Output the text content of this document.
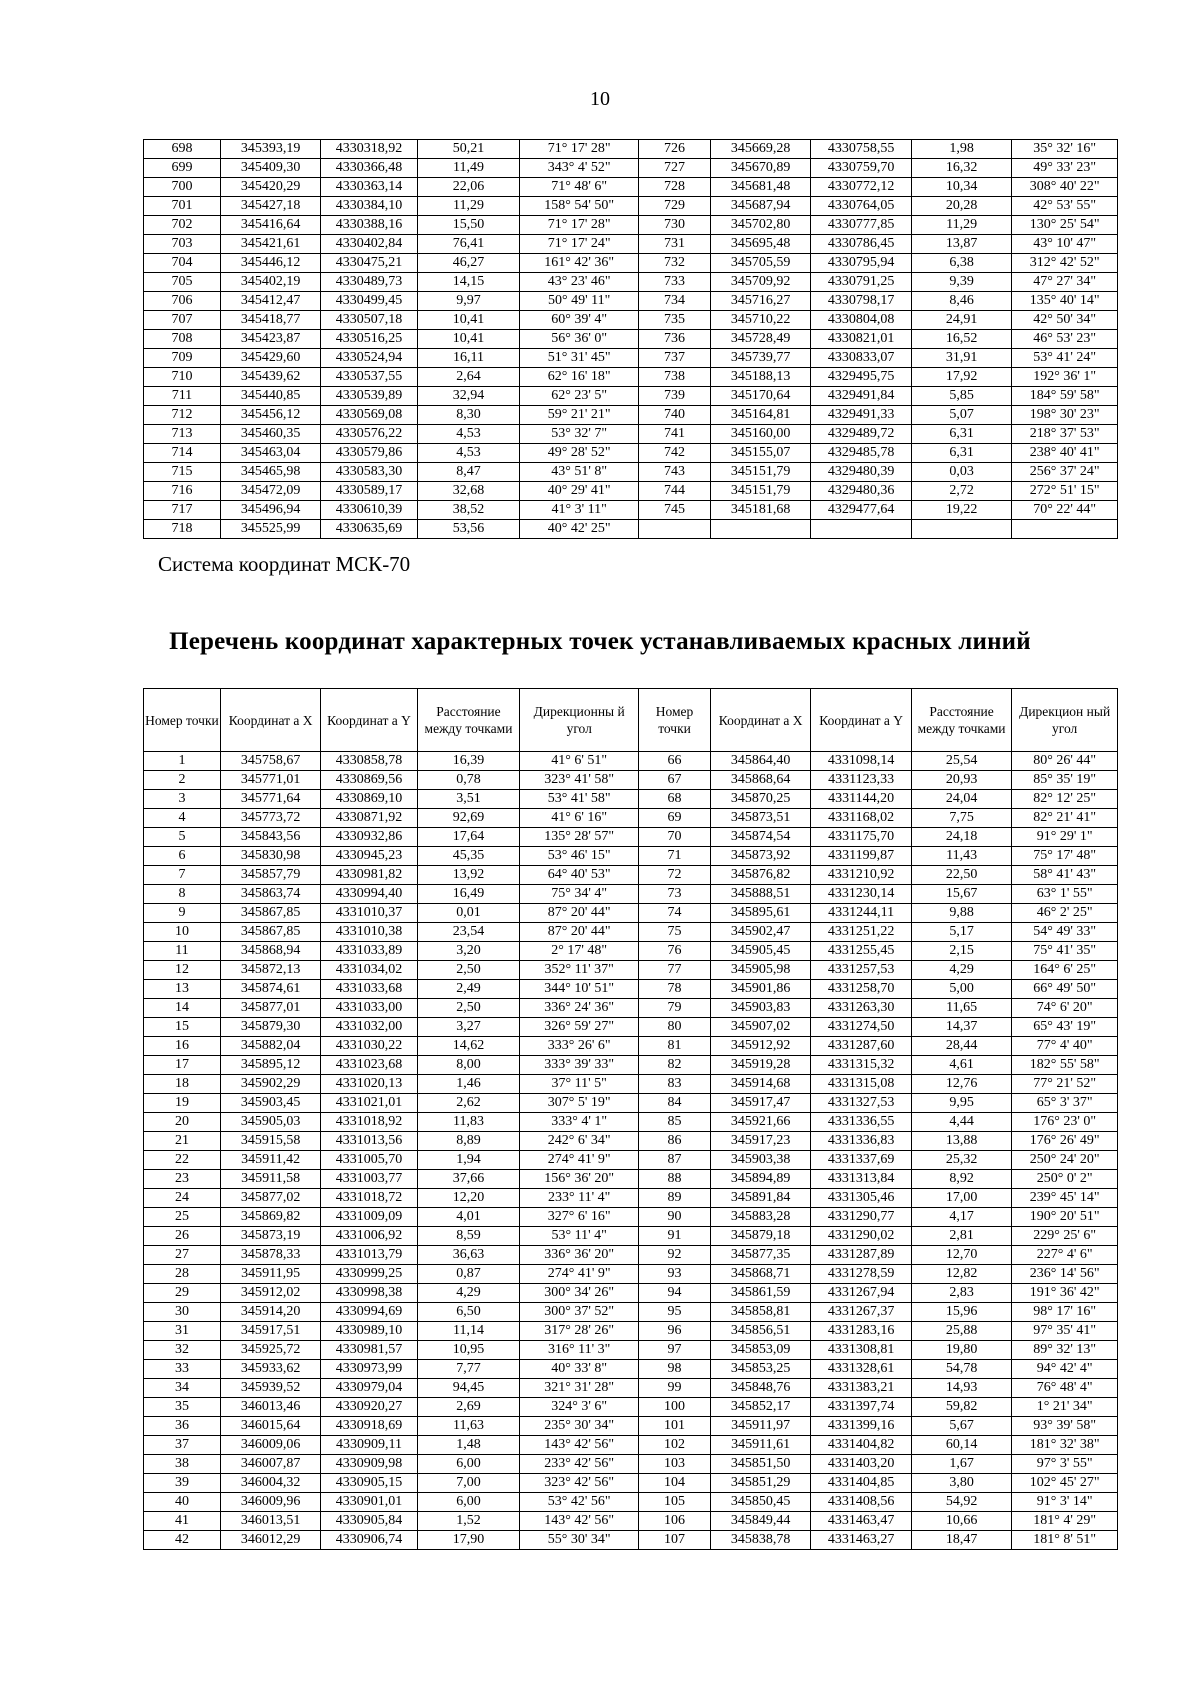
10
698	345393,19	4330318,92	50,21	71° 17' 28"	726	345669,28	4330758,55	1,98	35° 32' 16"
699	345409,30	4330366,48	11,49	343° 4' 52"	727	345670,89	4330759,70	16,32	49° 33' 23"
700	345420,29	4330363,14	22,06	71° 48' 6"	728	345681,48	4330772,12	10,34	308° 40' 22"
701	345427,18	4330384,10	11,29	158° 54' 50"	729	345687,94	4330764,05	20,28	42° 53' 55"
702	345416,64	4330388,16	15,50	71° 17' 28"	730	345702,80	4330777,85	11,29	130° 25' 54"
703	345421,61	4330402,84	76,41	71° 17' 24"	731	345695,48	4330786,45	13,87	43° 10' 47"
704	345446,12	4330475,21	46,27	161° 42' 36"	732	345705,59	4330795,94	6,38	312° 42' 52"
705	345402,19	4330489,73	14,15	43° 23' 46"	733	345709,92	4330791,25	9,39	47° 27' 34"
706	345412,47	4330499,45	9,97	50° 49' 11"	734	345716,27	4330798,17	8,46	135° 40' 14"
707	345418,77	4330507,18	10,41	60° 39' 4"	735	345710,22	4330804,08	24,91	42° 50' 34"
708	345423,87	4330516,25	10,41	56° 36' 0"	736	345728,49	4330821,01	16,52	46° 53' 23"
709	345429,60	4330524,94	16,11	51° 31' 45"	737	345739,77	4330833,07	31,91	53° 41' 24"
710	345439,62	4330537,55	2,64	62° 16' 18"	738	345188,13	4329495,75	17,92	192° 36' 1"
711	345440,85	4330539,89	32,94	62° 23' 5"	739	345170,64	4329491,84	5,85	184° 59' 58"
712	345456,12	4330569,08	8,30	59° 21' 21"	740	345164,81	4329491,33	5,07	198° 30' 23"
713	345460,35	4330576,22	4,53	53° 32' 7"	741	345160,00	4329489,72	6,31	218° 37' 53"
714	345463,04	4330579,86	4,53	49° 28' 52"	742	345155,07	4329485,78	6,31	238° 40' 41"
715	345465,98	4330583,30	8,47	43° 51' 8"	743	345151,79	4329480,39	0,03	256° 37' 24"
716	345472,09	4330589,17	32,68	40° 29' 41"	744	345151,79	4329480,36	2,72	272° 51' 15"
717	345496,94	4330610,39	38,52	41° 3' 11"	745	345181,68	4329477,64	19,22	70° 22' 44"
718	345525,99	4330635,69	53,56	40° 42' 25"					
Система координат МСК-70
Перечень координат характерных точек устанавливаемых красных линий
Номер точки	Координат а X	Координат а Y	Расстояние между точками	Дирекционны й угол	Номер точки	Координат а X	Координат а Y	Расстояние между точками	Дирекцион ный угол
1	345758,67	4330858,78	16,39	41° 6' 51"	66	345864,40	4331098,14	25,54	80° 26' 44"
2	345771,01	4330869,56	0,78	323° 41' 58"	67	345868,64	4331123,33	20,93	85° 35' 19"
3	345771,64	4330869,10	3,51	53° 41' 58"	68	345870,25	4331144,20	24,04	82° 12' 25"
4	345773,72	4330871,92	92,69	41° 6' 16"	69	345873,51	4331168,02	7,75	82° 21' 41"
5	345843,56	4330932,86	17,64	135° 28' 57"	70	345874,54	4331175,70	24,18	91° 29' 1"
6	345830,98	4330945,23	45,35	53° 46' 15"	71	345873,92	4331199,87	11,43	75° 17' 48"
7	345857,79	4330981,82	13,92	64° 40' 53"	72	345876,82	4331210,92	22,50	58° 41' 43"
8	345863,74	4330994,40	16,49	75° 34' 4"	73	345888,51	4331230,14	15,67	63° 1' 55"
9	345867,85	4331010,37	0,01	87° 20' 44"	74	345895,61	4331244,11	9,88	46° 2' 25"
10	345867,85	4331010,38	23,54	87° 20' 44"	75	345902,47	4331251,22	5,17	54° 49' 33"
11	345868,94	4331033,89	3,20	2° 17' 48"	76	345905,45	4331255,45	2,15	75° 41' 35"
12	345872,13	4331034,02	2,50	352° 11' 37"	77	345905,98	4331257,53	4,29	164° 6' 25"
13	345874,61	4331033,68	2,49	344° 10' 51"	78	345901,86	4331258,70	5,00	66° 49' 50"
14	345877,01	4331033,00	2,50	336° 24' 36"	79	345903,83	4331263,30	11,65	74° 6' 20"
15	345879,30	4331032,00	3,27	326° 59' 27"	80	345907,02	4331274,50	14,37	65° 43' 19"
16	345882,04	4331030,22	14,62	333° 26' 6"	81	345912,92	4331287,60	28,44	77° 4' 40"
17	345895,12	4331023,68	8,00	333° 39' 33"	82	345919,28	4331315,32	4,61	182° 55' 58"
18	345902,29	4331020,13	1,46	37° 11' 5"	83	345914,68	4331315,08	12,76	77° 21' 52"
19	345903,45	4331021,01	2,62	307° 5' 19"	84	345917,47	4331327,53	9,95	65° 3' 37"
20	345905,03	4331018,92	11,83	333° 4' 1"	85	345921,66	4331336,55	4,44	176° 23' 0"
21	345915,58	4331013,56	8,89	242° 6' 34"	86	345917,23	4331336,83	13,88	176° 26' 49"
22	345911,42	4331005,70	1,94	274° 41' 9"	87	345903,38	4331337,69	25,32	250° 24' 20"
23	345911,58	4331003,77	37,66	156° 36' 20"	88	345894,89	4331313,84	8,92	250° 0' 2"
24	345877,02	4331018,72	12,20	233° 11' 4"	89	345891,84	4331305,46	17,00	239° 45' 14"
25	345869,82	4331009,09	4,01	327° 6' 16"	90	345883,28	4331290,77	4,17	190° 20' 51"
26	345873,19	4331006,92	8,59	53° 11' 4"	91	345879,18	4331290,02	2,81	229° 25' 6"
27	345878,33	4331013,79	36,63	336° 36' 20"	92	345877,35	4331287,89	12,70	227° 4' 6"
28	345911,95	4330999,25	0,87	274° 41' 9"	93	345868,71	4331278,59	12,82	236° 14' 56"
29	345912,02	4330998,38	4,29	300° 34' 26"	94	345861,59	4331267,94	2,83	191° 36' 42"
30	345914,20	4330994,69	6,50	300° 37' 52"	95	345858,81	4331267,37	15,96	98° 17' 16"
31	345917,51	4330989,10	11,14	317° 28' 26"	96	345856,51	4331283,16	25,88	97° 35' 41"
32	345925,72	4330981,57	10,95	316° 11' 3"	97	345853,09	4331308,81	19,80	89° 32' 13"
33	345933,62	4330973,99	7,77	40° 33' 8"	98	345853,25	4331328,61	54,78	94° 42' 4"
34	345939,52	4330979,04	94,45	321° 31' 28"	99	345848,76	4331383,21	14,93	76° 48' 4"
35	346013,46	4330920,27	2,69	324° 3' 6"	100	345852,17	4331397,74	59,82	1° 21' 34"
36	346015,64	4330918,69	11,63	235° 30' 34"	101	345911,97	4331399,16	5,67	93° 39' 58"
37	346009,06	4330909,11	1,48	143° 42' 56"	102	345911,61	4331404,82	60,14	181° 32' 38"
38	346007,87	4330909,98	6,00	233° 42' 56"	103	345851,50	4331403,20	1,67	97° 3' 55"
39	346004,32	4330905,15	7,00	323° 42' 56"	104	345851,29	4331404,85	3,80	102° 45' 27"
40	346009,96	4330901,01	6,00	53° 42' 56"	105	345850,45	4331408,56	54,92	91° 3' 14"
41	346013,51	4330905,84	1,52	143° 42' 56"	106	345849,44	4331463,47	10,66	181° 4' 29"
42	346012,29	4330906,74	17,90	55° 30' 34"	107	345838,78	4331463,27	18,47	181° 8' 51"
